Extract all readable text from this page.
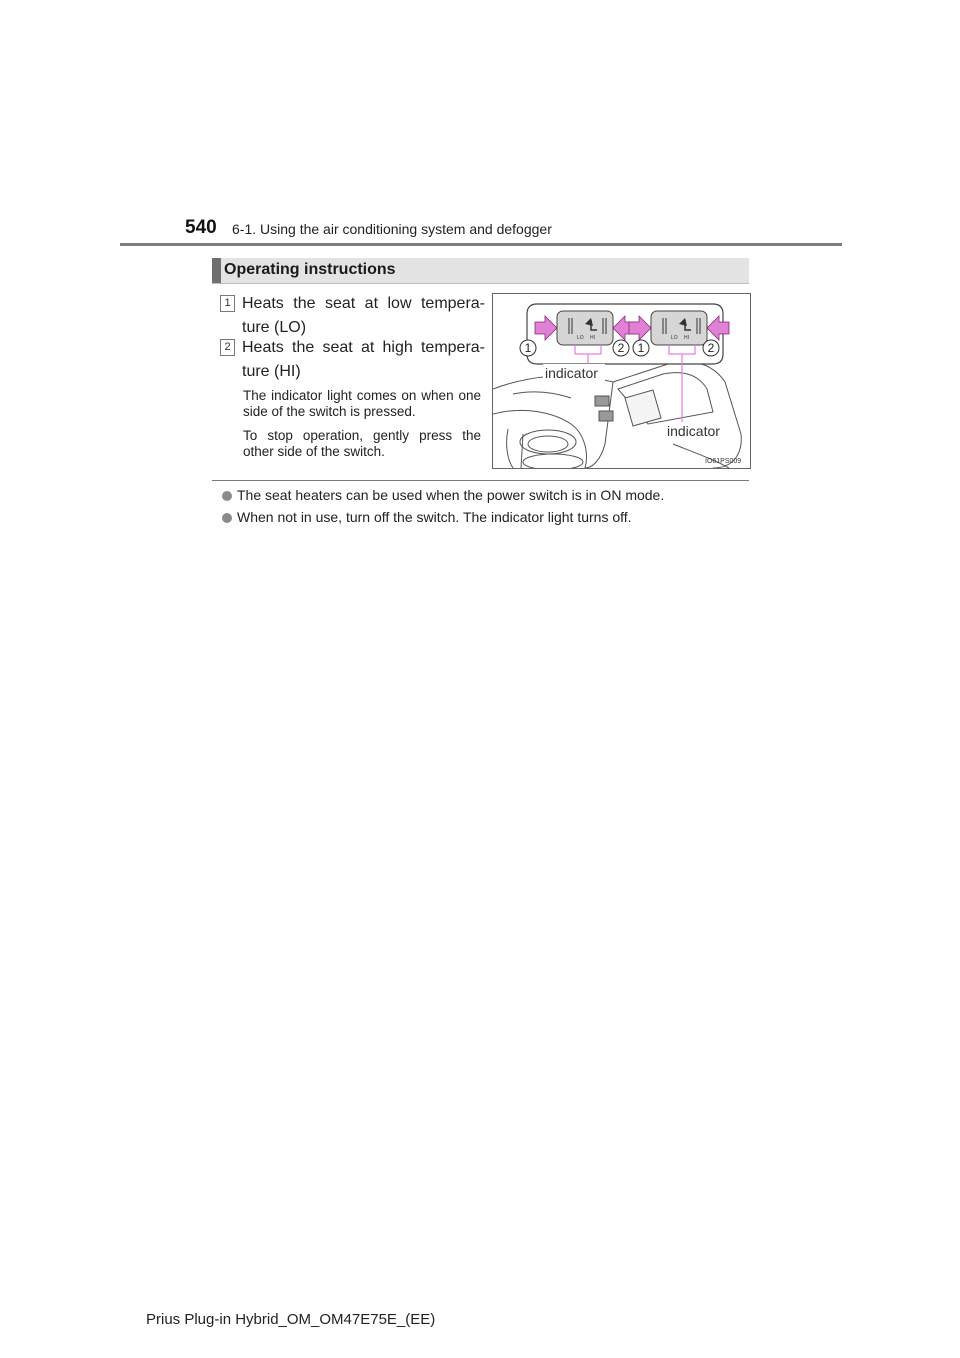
540 6-1. Using the air conditioning system and defogger
Operating instructions
1 Heats the seat at low tempera-ture (LO)
2 Heats the seat at high tempera-ture (HI)
The indicator light comes on when one side of the switch is pressed.
To stop operation, gently press the other side of the switch.
LO HI	LO HI
1	2 1	2
indicator
indicator
IO61PS009
The seat heaters can be used when the power switch is in ON mode.
When not in use, turn off the switch. The indicator light turns off.
Prius Plug-in Hybrid_OM_OM47E75E_(EE)
